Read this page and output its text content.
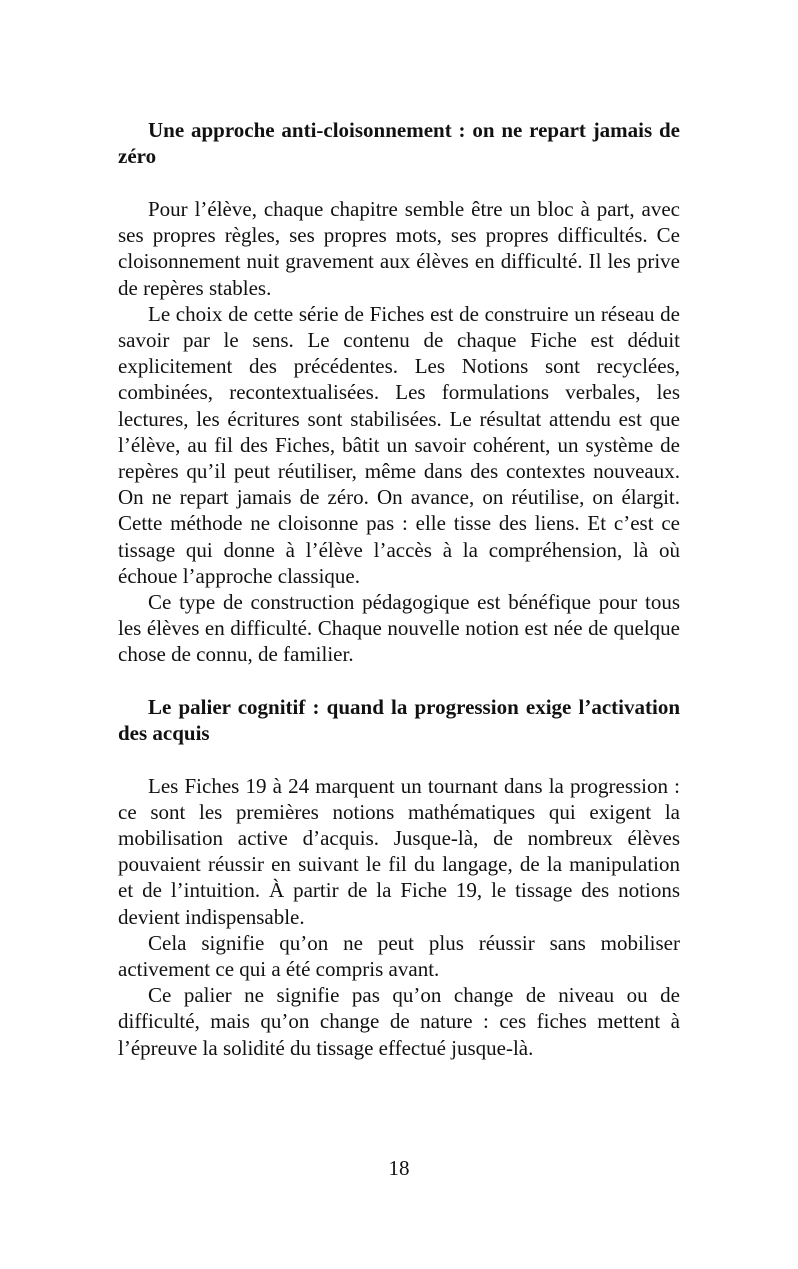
Une approche anti-cloisonnement : on ne repart jamais de zéro

Pour l’élève, chaque chapitre semble être un bloc à part, avec ses propres règles, ses propres mots, ses propres difficultés. Ce cloisonnement nuit gravement aux élèves en difficulté. Il les prive de repères stables.

Le choix de cette série de Fiches est de construire un réseau de savoir par le sens. Le contenu de chaque Fiche est déduit explicitement des précédentes. Les Notions sont recyclées, combinées, recontextualisées. Les formulations verbales, les lectures, les écritures sont stabilisées. Le résultat attendu est que l’élève, au fil des Fiches, bâtit un savoir cohérent, un système de repères qu’il peut réutiliser, même dans des contextes nouveaux. On ne repart jamais de zéro. On avance, on réutilise, on élargit. Cette méthode ne cloisonne pas : elle tisse des liens. Et c’est ce tissage qui donne à l’élève l’accès à la compréhension, là où échoue l’approche classique.

Ce type de construction pédagogique est bénéfique pour tous les élèves en difficulté. Chaque nouvelle notion est née de quelque chose de connu, de familier.

Le palier cognitif : quand la progression exige l’activation des acquis

Les Fiches 19 à 24 marquent un tournant dans la progression : ce sont les premières notions mathématiques qui exigent la mobilisation active d’acquis. Jusque-là, de nombreux élèves pouvaient réussir en suivant le fil du langage, de la manipulation et de l’intuition. À partir de la Fiche 19, le tissage des notions devient indispensable.

Cela signifie qu’on ne peut plus réussir sans mobiliser activement ce qui a été compris avant.

Ce palier ne signifie pas qu’on change de niveau ou de difficulté, mais qu’on change de nature : ces fiches mettent à l’épreuve la solidité du tissage effectué jusque-là.

18
